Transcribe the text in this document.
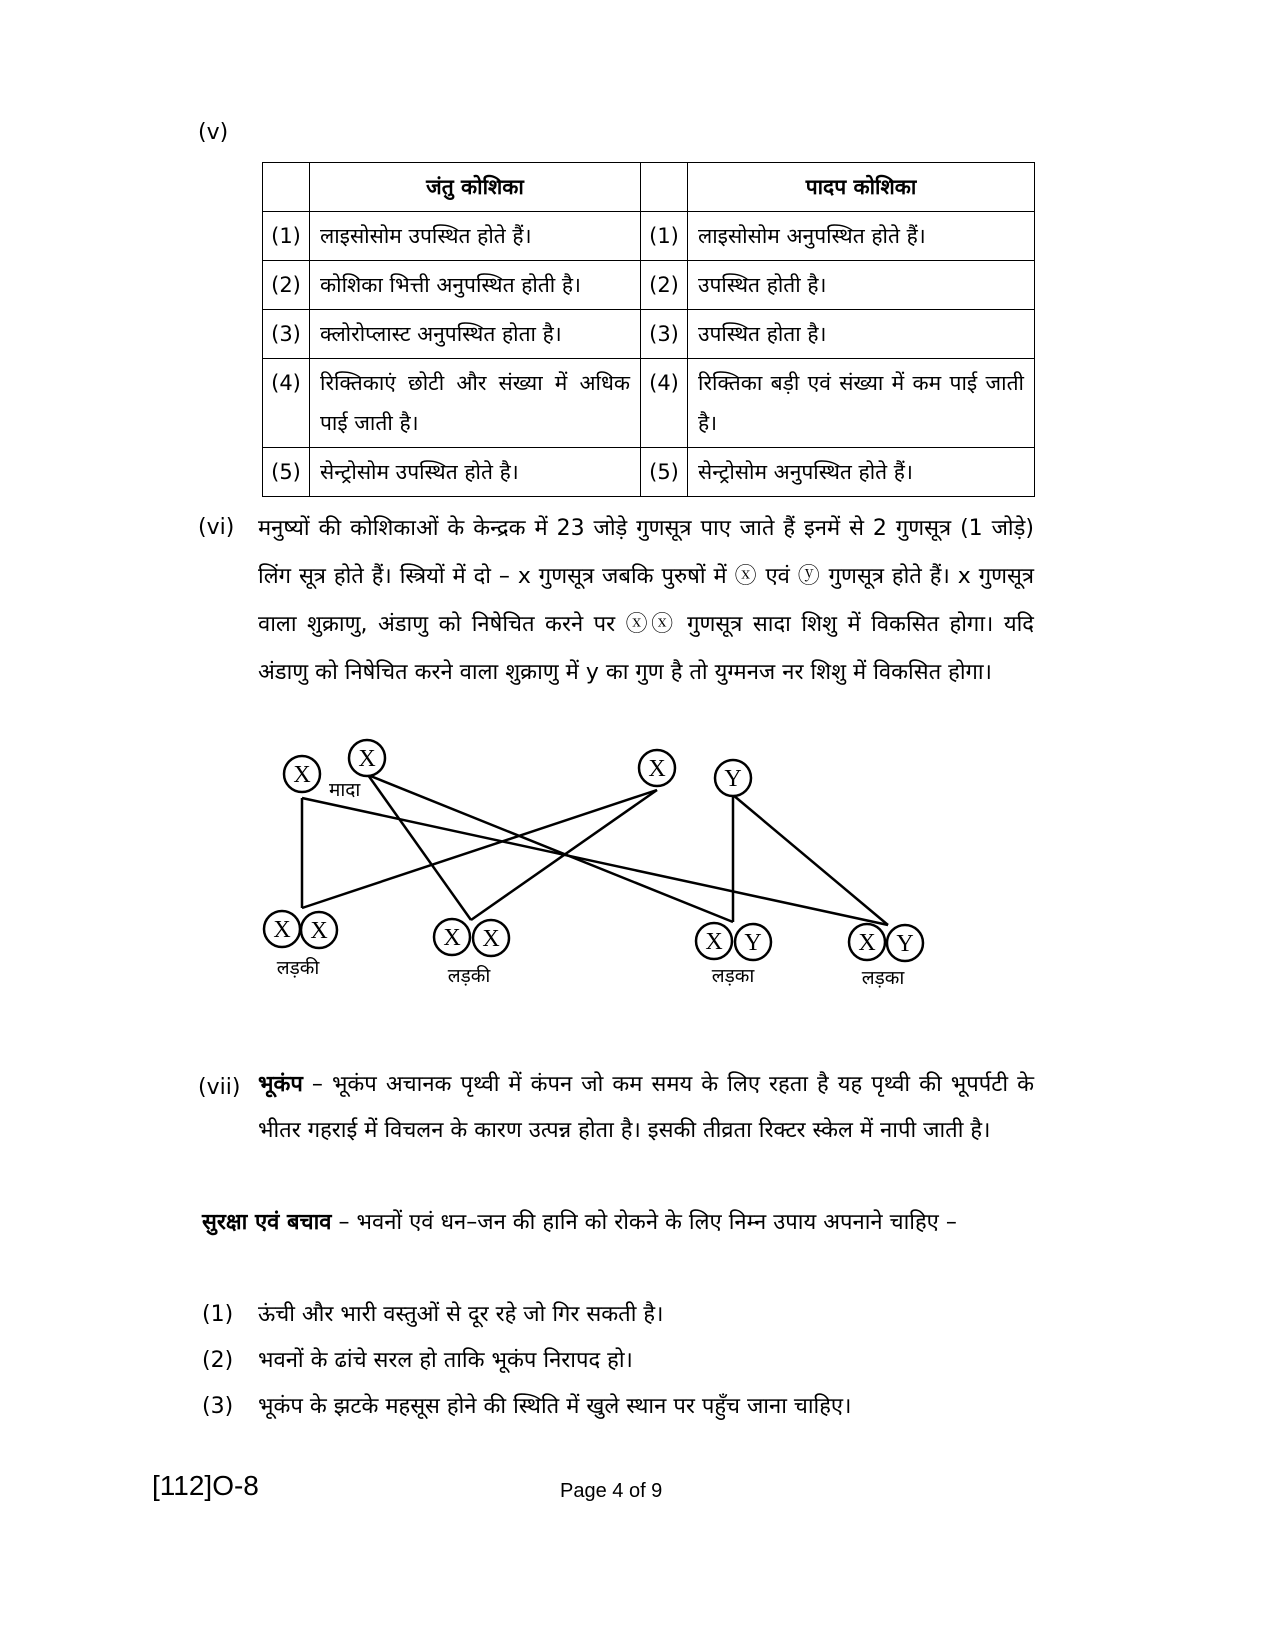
(v)
	जंतु कोशिका		पादप कोशिका
(1)	लाइसोसोम उपस्थित होते हैं।	(1)	लाइसोसोम अनुपस्थित होते हैं।
(2)	कोशिका भित्ती अनुपस्थित होती है।	(2)	उपस्थित होती है।
(3)	क्लोरोप्लास्ट अनुपस्थित होता है।	(3)	उपस्थित होता है।
(4)	रिक्तिकाएं छोटी और संख्या में अधिक पाई जाती है।	(4)	रिक्तिका बड़ी एवं संख्या में कम पाई जाती है।
(5)	सेन्ट्रोसोम उपस्थित होते है।	(5)	सेन्ट्रोसोम अनुपस्थित होते हैं।
(vi) मनुष्यों की कोशिकाओं के केन्द्रक में 23 जोड़े गुणसूत्र पाए जाते हैं इनमें से 2 गुणसूत्र (1 जोड़े) लिंग सूत्र होते हैं। स्त्रियों में दो – x गुणसूत्र जबकि पुरुषों में ⓧ एवं ⓨ गुणसूत्र होते हैं। x गुणसूत्र वाला शुक्राणु, अंडाणु को निषेचित करने पर ⓧⓧ गुणसूत्र सादा शिशु में विकसित होगा। यदि अंडाणु को निषेचित करने वाला शुक्राणु में y का गुण है तो युग्मनज नर शिशु में विकसित होगा।
X
X
मादा
X Y
X X
लड़की
X X
लड़की
X Y
लड़का
X Y
लड़का
(vii) भूकंप – भूकंप अचानक पृथ्वी में कंपन जो कम समय के लिए रहता है यह पृथ्वी की भूपर्पटी के भीतर गहराई में विचलन के कारण उत्पन्न होता है। इसकी तीव्रता रिक्टर स्केल में नापी जाती है।
सुरक्षा एवं बचाव – भवनों एवं धन–जन की हानि को रोकने के लिए निम्न उपाय अपनाने चाहिए –
(1) ऊंची और भारी वस्तुओं से दूर रहे जो गिर सकती है।
(2) भवनों के ढांचे सरल हो ताकि भूकंप निरापद हो।
(3) भूकंप के झटके महसूस होने की स्थिति में खुले स्थान पर पहुँच जाना चाहिए।
[112]O-8	Page 4 of 9
